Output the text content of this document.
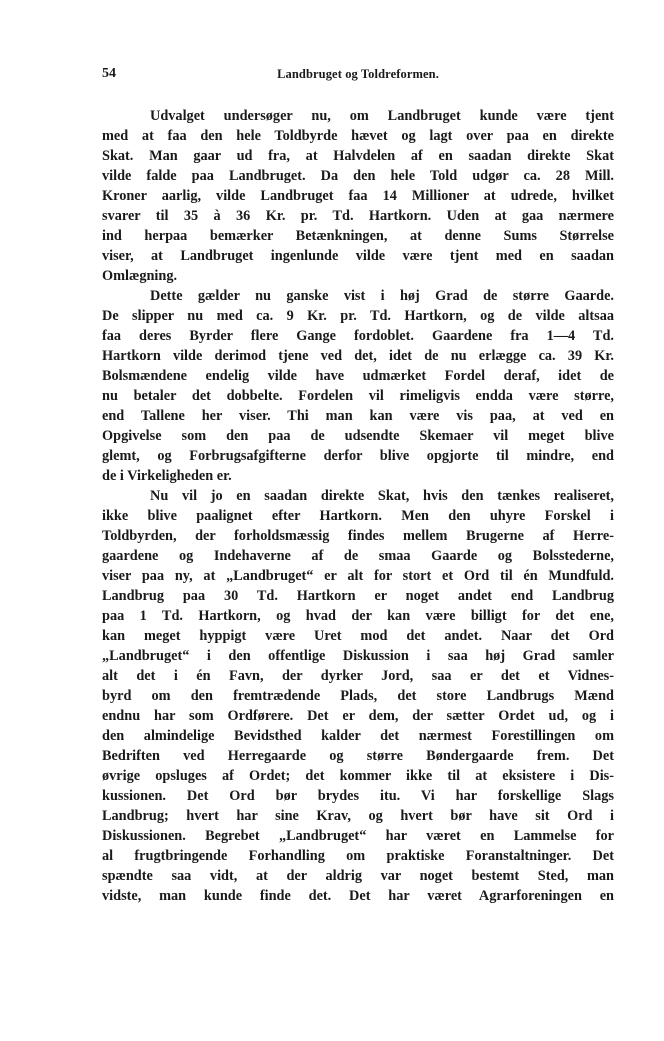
54	Landbruget og Toldreformen.
Udvalget undersøger nu, om Landbruget kunde være tjent
med at faa den hele Toldbyrde hævet og lagt over paa en direkte
Skat. Man gaar ud fra, at Halvdelen af en saadan direkte Skat
vilde falde paa Landbruget. Da den hele Told udgør ca. 28 Mill.
Kroner aarlig, vilde Landbruget faa 14 Millioner at udrede, hvilket
svarer til 35 à 36 Kr. pr. Td. Hartkorn. Uden at gaa nærmere
ind herpaa bemærker Betænkningen, at denne Sums Størrelse
viser, at Landbruget ingenlunde vilde være tjent med en saadan
Omlægning.
Dette gælder nu ganske vist i høj Grad de større Gaarde.
De slipper nu med ca. 9 Kr. pr. Td. Hartkorn, og de vilde altsaa
faa deres Byrder flere Gange fordoblet. Gaardene fra 1—4 Td.
Hartkorn vilde derimod tjene ved det, idet de nu erlægge ca. 39 Kr.
Bolsmændene endelig vilde have udmærket Fordel deraf, idet de
nu betaler det dobbelte. Fordelen vil rimeligvis endda være større,
end Tallene her viser. Thi man kan være vis paa, at ved en
Opgivelse som den paa de udsendte Skemaer vil meget blive
glemt, og Forbrugsafgifterne derfor blive opgjorte til mindre, end
de i Virkeligheden er.
Nu vil jo en saadan direkte Skat, hvis den tænkes realiseret,
ikke blive paalignet efter Hartkorn. Men den uhyre Forskel i
Toldbyrden, der forholdsmæssig findes mellem Brugerne af Herre-
gaardene og Indehaverne af de smaa Gaarde og Bolsstederne,
viser paa ny, at „Landbruget“ er alt for stort et Ord til én Mundfuld.
Landbrug paa 30 Td. Hartkorn er noget andet end Landbrug
paa 1 Td. Hartkorn, og hvad der kan være billigt for det ene,
kan meget hyppigt være Uret mod det andet. Naar det Ord
„Landbruget“ i den offentlige Diskussion i saa høj Grad samler
alt det i én Favn, der dyrker Jord, saa er det et Vidnes-
byrd om den fremtrædende Plads, det store Landbrugs Mænd
endnu har som Ordførere. Det er dem, der sætter Ordet ud, og i
den almindelige Bevidsthed kalder det nærmest Forestillingen om
Bedriften ved Herregaarde og større Bøndergaarde frem. Det
øvrige opsluges af Ordet; det kommer ikke til at eksistere i Dis-
kussionen. Det Ord bør brydes itu. Vi har forskellige Slags
Landbrug; hvert har sine Krav, og hvert bør have sit Ord i
Diskussionen. Begrebet „Landbruget“ har været en Lammelse for
al frugtbringende Forhandling om praktiske Foranstaltninger. Det
spændte saa vidt, at der aldrig var noget bestemt Sted, man
vidste, man kunde finde det. Det har været Agrarforeningen en
